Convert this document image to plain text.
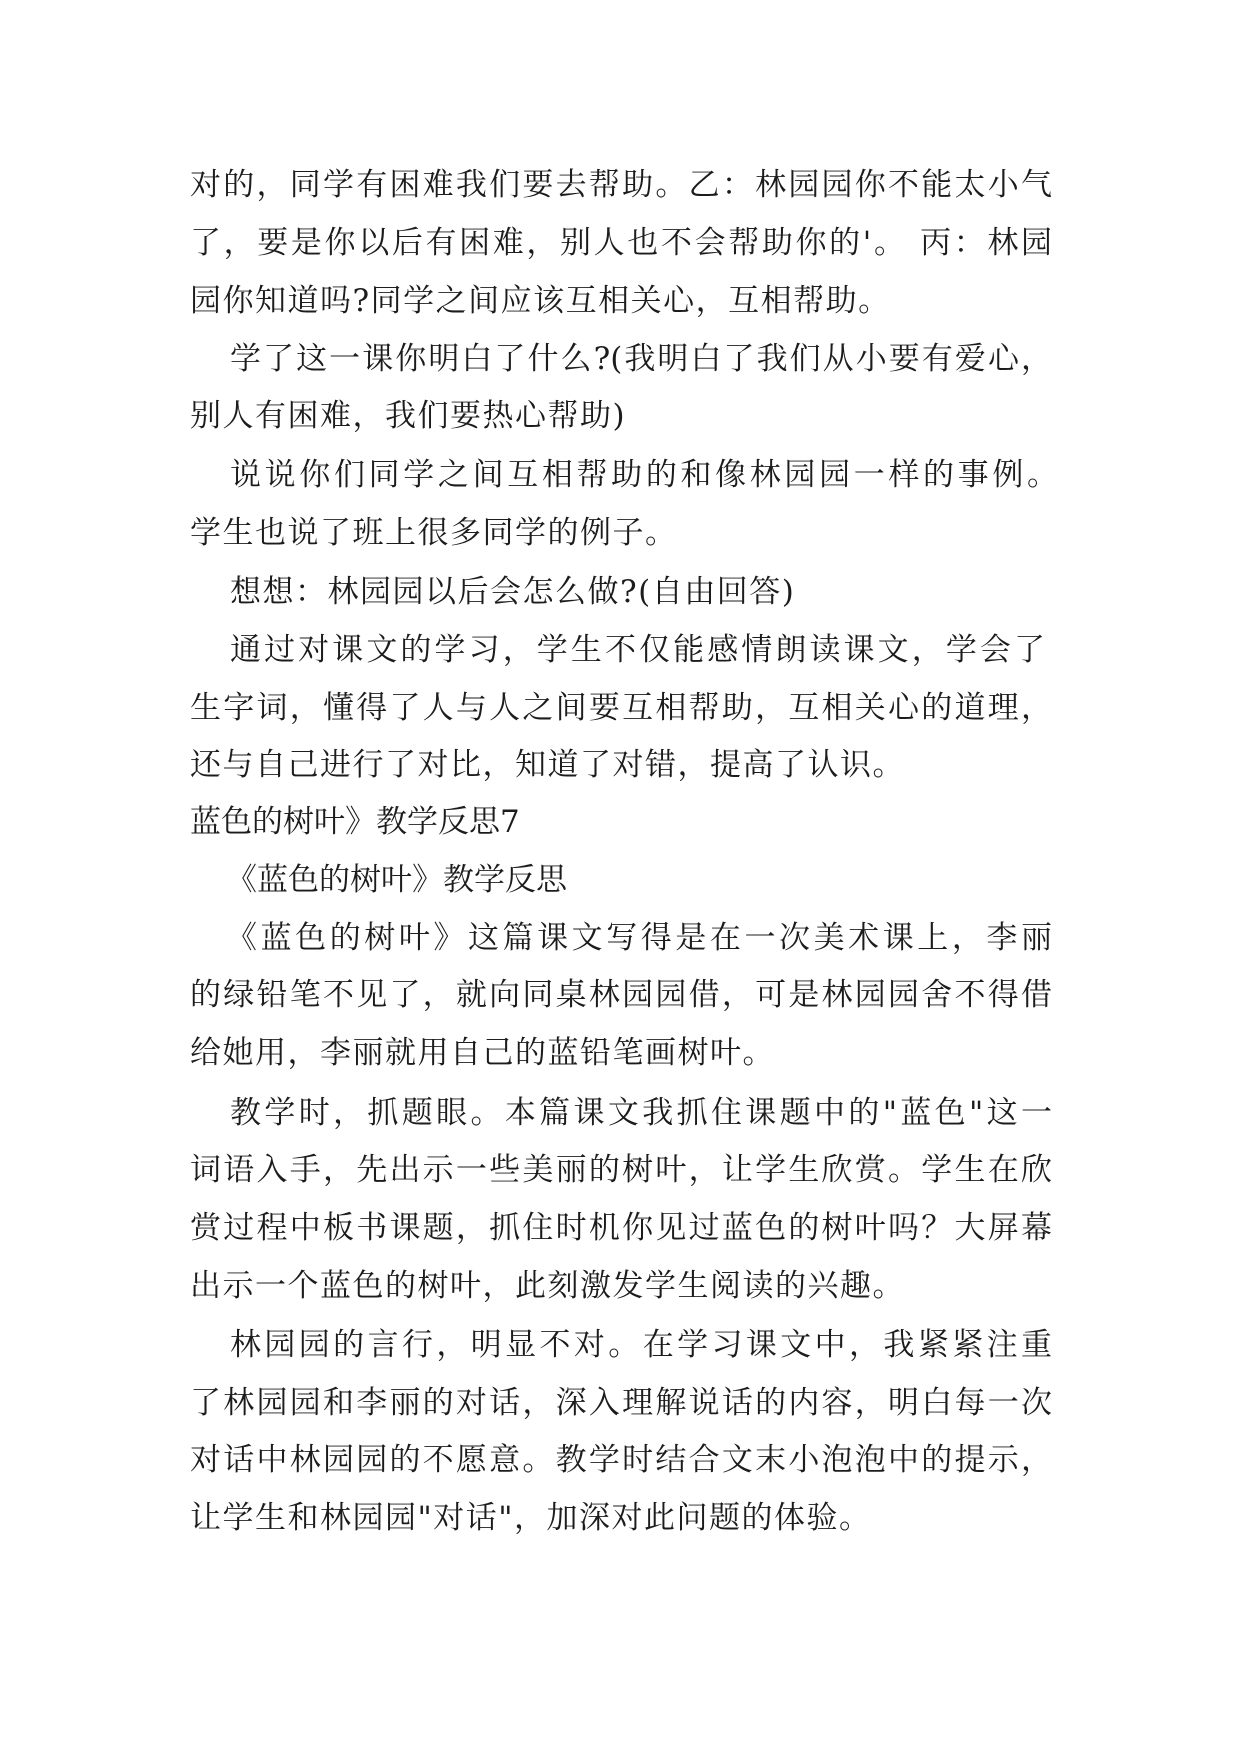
对的，同学有困难我们要去帮助。乙：林园园你不能太小气
了，要是你以后有困难，别人也不会帮助你的'。 丙：林园
园你知道吗?同学之间应该互相关心，互相帮助。
学了这一课你明白了什么?(我明白了我们从小要有爱心，
别人有困难，我们要热心帮助)
说说你们同学之间互相帮助的和像林园园一样的事例。
学生也说了班上很多同学的例子。
想想：林园园以后会怎么做?(自由回答)
通过对课文的学习，学生不仅能感情朗读课文，学会了
生字词，懂得了人与人之间要互相帮助，互相关心的道理，
还与自己进行了对比，知道了对错，提高了认识。
蓝色的树叶》教学反思7
《蓝色的树叶》教学反思
《蓝色的树叶》这篇课文写得是在一次美术课上，李丽
的绿铅笔不见了，就向同桌林园园借，可是林园园舍不得借
给她用，李丽就用自己的蓝铅笔画树叶。
教学时，抓题眼。本篇课文我抓住课题中的"蓝色"这一
词语入手，先出示一些美丽的树叶，让学生欣赏。学生在欣
赏过程中板书课题，抓住时机你见过蓝色的树叶吗？大屏幕
出示一个蓝色的树叶，此刻激发学生阅读的兴趣。
林园园的言行，明显不对。在学习课文中，我紧紧注重
了林园园和李丽的对话，深入理解说话的内容，明白每一次
对话中林园园的不愿意。教学时结合文末小泡泡中的提示，
让学生和林园园"对话"，加深对此问题的体验。
